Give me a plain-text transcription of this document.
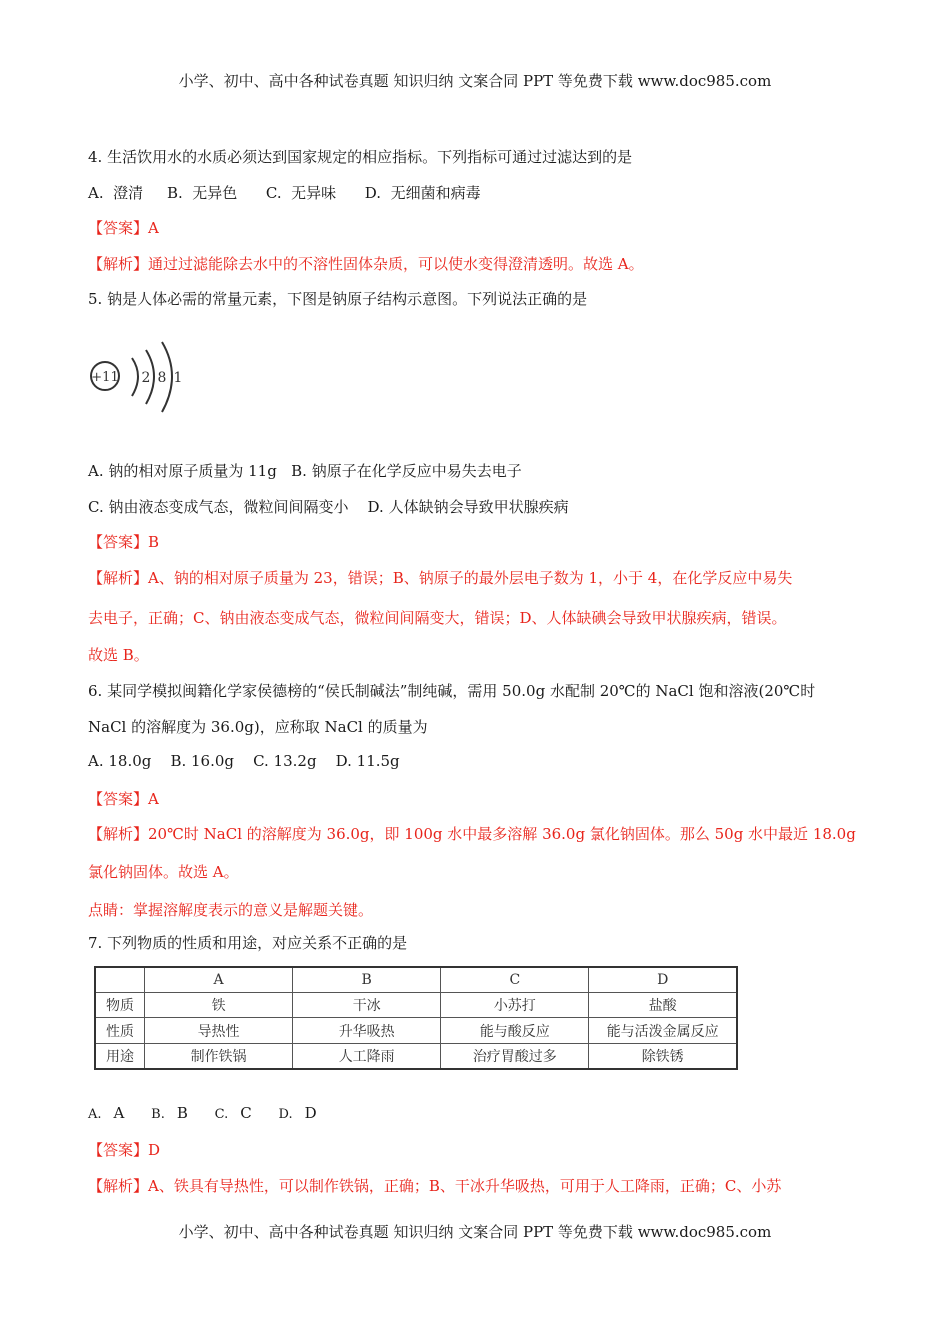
小学、初中、高中各种试卷真题 知识归纳 文案合同 PPT 等免费下载 www.doc985.com
4. 生活饮用水的水质必须达到国家规定的相应指标。下列指标可通过过滤达到的是
A.  澄清     B.  无异色      C.  无异味      D.  无细菌和病毒
【答案】A
【解析】通过过滤能除去水中的不溶性固体杂质，可以使水变得澄清透明。故选 A。
5. 钠是人体必需的常量元素，下图是钠原子结构示意图。下列说法正确的是
+11 2 8 1
A. 钠的相对原子质量为 11g   B. 钠原子在化学反应中易失去电子
C. 钠由液态变成气态，微粒间间隔变小    D. 人体缺钠会导致甲状腺疾病
【答案】B
【解析】A、钠的相对原子质量为 23，错误；B、钠原子的最外层电子数为 1，小于 4，在化学反应中易失
去电子，正确；C、钠由液态变成气态，微粒间间隔变大，错误；D、人体缺碘会导致甲状腺疾病，错误。
故选 B。
6. 某同学模拟闽籍化学家侯德榜的“侯氏制碱法”制纯碱，需用 50.0g 水配制 20℃的 NaCl 饱和溶液(20℃时
NaCl 的溶解度为 36.0g)，应称取 NaCl 的质量为
A. 18.0g    B. 16.0g    C. 13.2g    D. 11.5g
【答案】A
【解析】20℃时 NaCl 的溶解度为 36.0g，即 100g 水中最多溶解 36.0g 氯化钠固体。那么 50g 水中最近 18.0g
氯化钠固体。故选 A。
点睛：掌握溶解度表示的意义是解题关键。
7. 下列物质的性质和用途，对应关系不正确的是
	A	B	C	D
物质	铁	干冰	小苏打	盐酸
性质	导热性	升华吸热	能与酸反应	能与活泼金属反应
用途	制作铁锅	人工降雨	治疗胃酸过多	除铁锈
A. A B. B C. C D. D
【答案】D
【解析】A、铁具有导热性，可以制作铁锅，正确；B、干冰升华吸热，可用于人工降雨，正确；C、小苏
小学、初中、高中各种试卷真题 知识归纳 文案合同 PPT 等免费下载 www.doc985.com
